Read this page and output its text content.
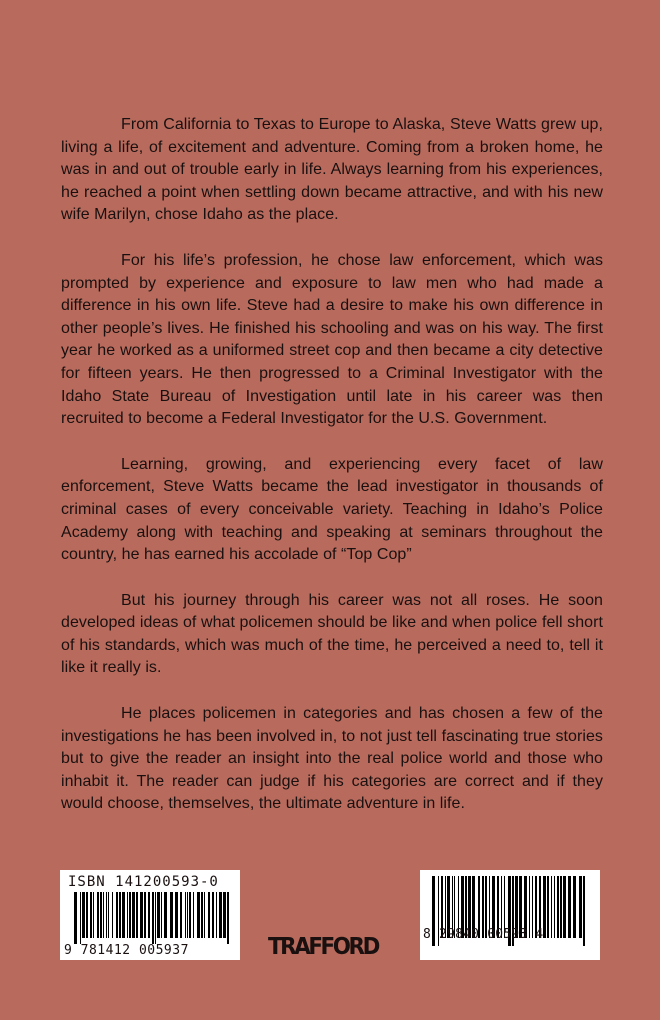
From California to Texas to Europe to Alaska, Steve Watts grew up, living a life, of excitement and adventure. Coming from a broken home, he was in and out of trouble early in life. Always learning from his experiences, he reached a point when settling down became attractive, and with his new wife Marilyn, chose Idaho as the place.

For his life’s profession, he chose law enforcement, which was prompted by experience and exposure to law men who had made a difference in his own life. Steve had a desire to make his own difference in other people’s lives. He finished his schooling and was on his way. The first year he worked as a uniformed street cop and then became a city detective for fifteen years. He then progressed to a Criminal Investigator with the Idaho State Bureau of Investigation until late in his career was then recruited to become a Federal Investigator for the U.S. Government.

Learning, growing, and experiencing every facet of law enforcement, Steve Watts became the lead investigator in thousands of criminal cases of every conceivable variety. Teaching in Idaho’s Police Academy along with teaching and speaking at seminars throughout the country, he has earned his accolade of “Top Cop”

But his journey through his career was not all roses. He soon developed ideas of what policemen should be like and when police fell short of his standards, which was much of the time, he perceived a need to, tell it like it really is.

He places policemen in categories and has chosen a few of the investigations he has been involved in, to not just tell fascinating true stories but to give the reader an insight into the real police world and those who inhabit it. The reader can judge if his categories are correct and if they would choose, themselves, the ultimate adventure in life.

ISBN 141200593-0
9 781412 005937
8 29840 00593 4
TRAFFORD
